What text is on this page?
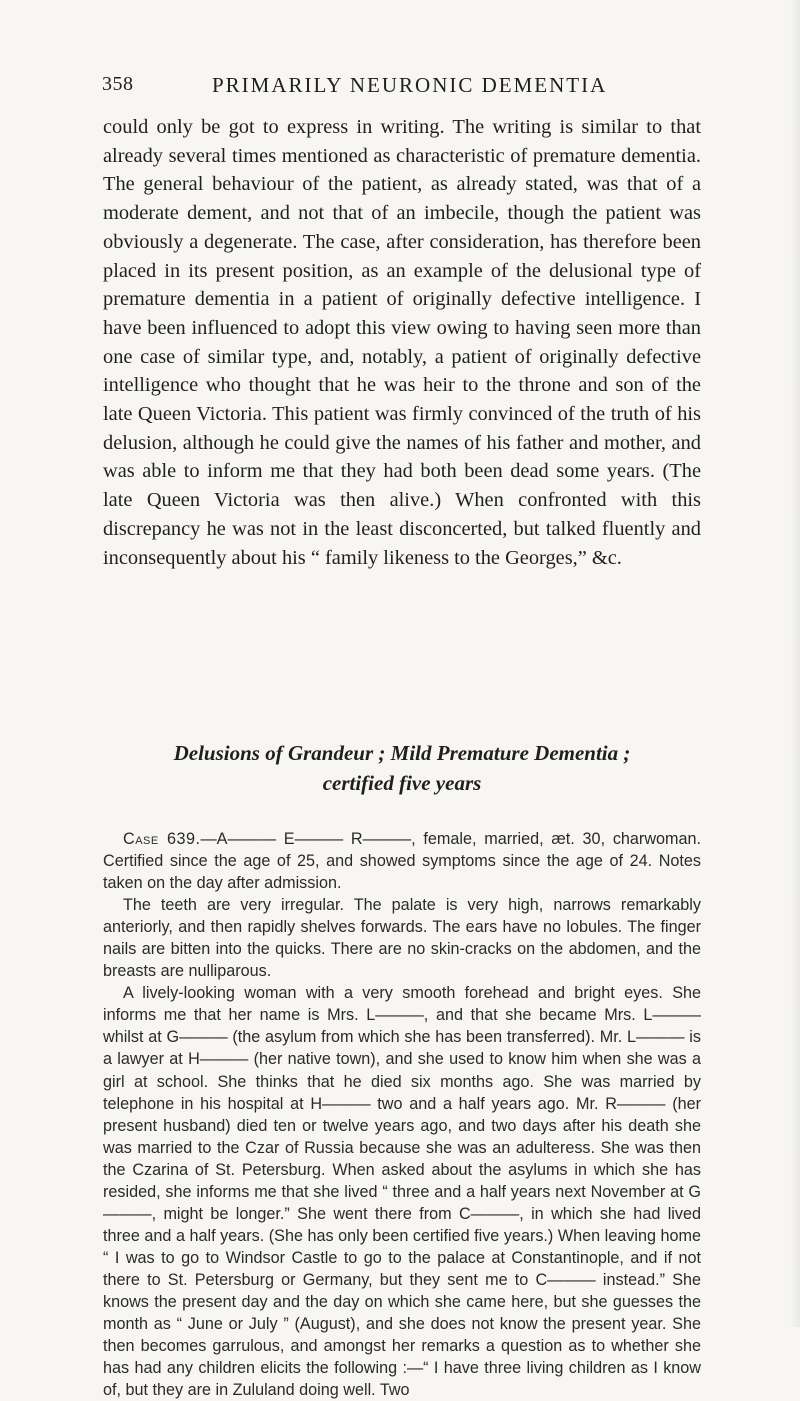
358	PRIMARILY NEURONIC DEMENTIA

could only be got to express in writing. The writing is similar to that already several times mentioned as characteristic of premature dementia. The general behaviour of the patient, as already stated, was that of a moderate dement, and not that of an imbecile, though the patient was obviously a degenerate. The case, after consideration, has therefore been placed in its present position, as an example of the delusional type of premature dementia in a patient of originally defective intelligence. I have been influenced to adopt this view owing to having seen more than one case of similar type, and, notably, a patient of originally defective intelligence who thought that he was heir to the throne and son of the late Queen Victoria. This patient was firmly convinced of the truth of his delusion, although he could give the names of his father and mother, and was able to inform me that they had both been dead some years. (The late Queen Victoria was then alive.) When confronted with this discrepancy he was not in the least disconcerted, but talked fluently and inconsequently about his “ family likeness to the Georges,” &c.

Delusions of Grandeur ; Mild Premature Dementia ;
certified five years

Case 639.—A——— E——— R———, female, married, æt. 30, charwoman. Certified since the age of 25, and showed symptoms since the age of 24. Notes taken on the day after admission.

The teeth are very irregular. The palate is very high, narrows remarkably anteriorly, and then rapidly shelves forwards. The ears have no lobules. The finger nails are bitten into the quicks. There are no skin-cracks on the abdomen, and the breasts are nulliparous.

A lively-looking woman with a very smooth forehead and bright eyes. She informs me that her name is Mrs. L———, and that she became Mrs. L——— whilst at G——— (the asylum from which she has been transferred). Mr. L——— is a lawyer at H——— (her native town), and she used to know him when she was a girl at school. She thinks that he died six months ago. She was married by telephone in his hospital at H——— two and a half years ago. Mr. R——— (her present husband) died ten or twelve years ago, and two days after his death she was married to the Czar of Russia because she was an adulteress. She was then the Czarina of St. Petersburg. When asked about the asylums in which she has resided, she informs me that she lived “ three and a half years next November at G———, might be longer.” She went there from C———, in which she had lived three and a half years. (She has only been certified five years.) When leaving home “ I was to go to Windsor Castle to go to the palace at Constantinople, and if not there to St. Petersburg or Germany, but they sent me to C——— instead.” She knows the present day and the day on which she came here, but she guesses the month as “ June or July ” (August), and she does not know the present year. She then becomes garrulous, and amongst her remarks a question as to whether she has had any children elicits the following :—“ I have three living children as I know of, but they are in Zululand doing well. Two
